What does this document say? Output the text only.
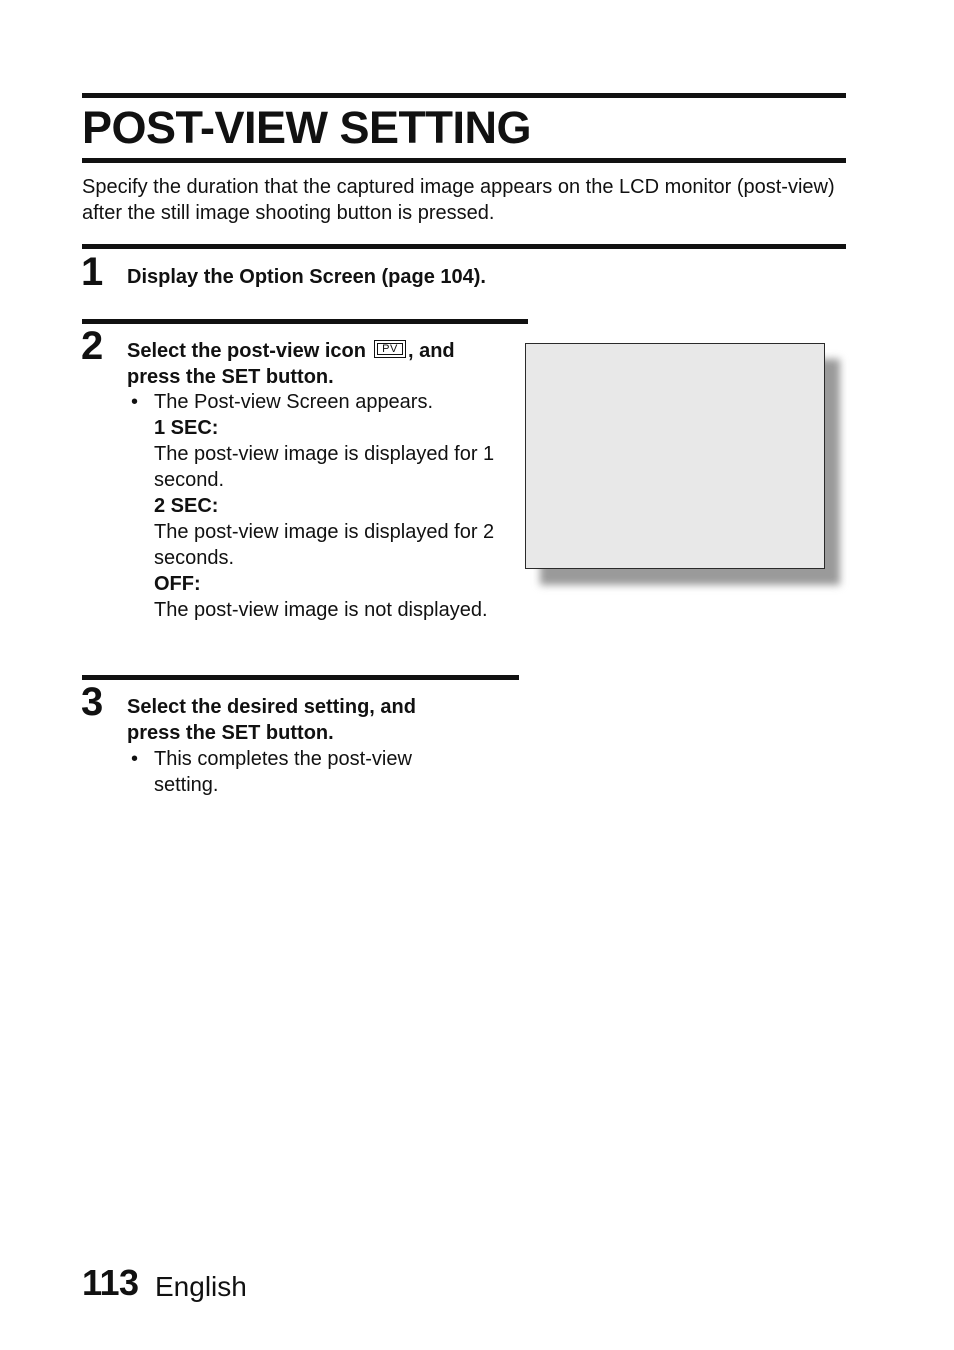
POST-VIEW SETTING
Specify the duration that the captured image appears on the LCD monitor (post-view) after the still image shooting button is pressed.
1 Display the Option Screen (page 104).
2 Select the post-view icon	PV , and
press the SET button.
• The Post-view Screen appears.
1 SEC:
The post-view image is displayed for 1 second.
2 SEC:
The post-view image is displayed for 2 seconds.
OFF:
The post-view image is not displayed.
3 Select the desired setting, and press the SET button.
• This completes the post-view setting.
113 English
